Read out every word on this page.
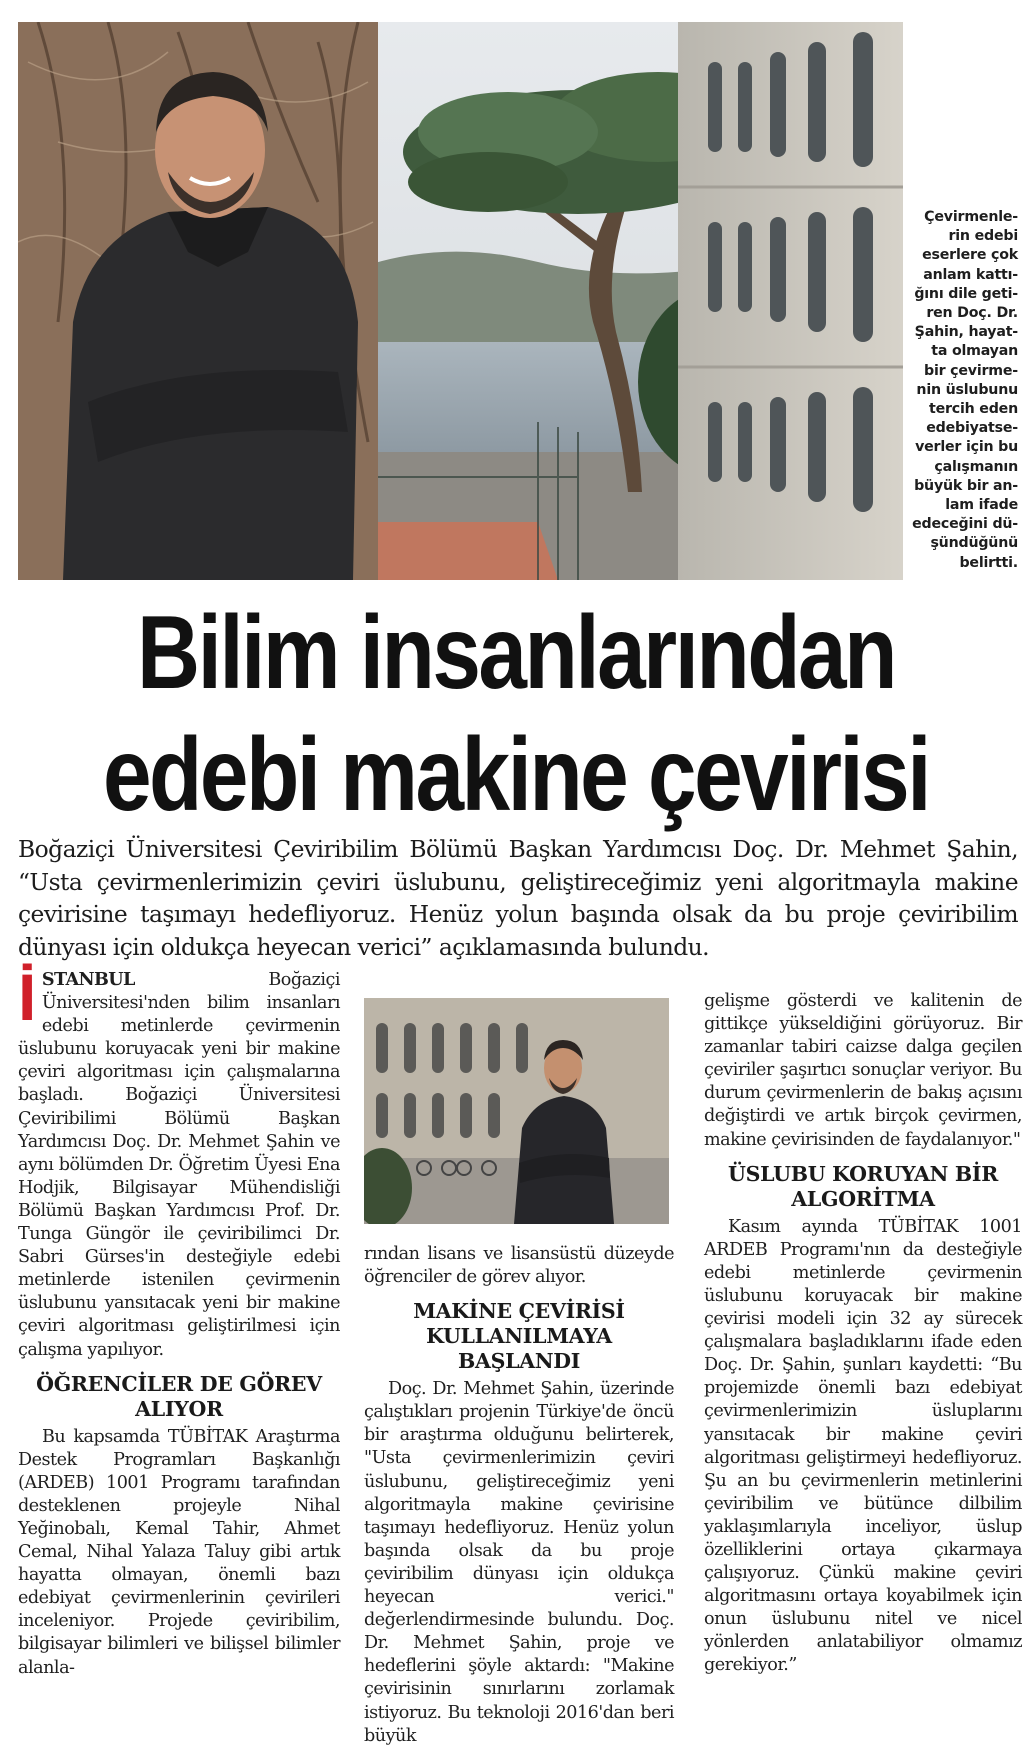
Çevirmenle-
rin edebi
eserlere çok
anlam kattı-
ğını dile geti-
ren Doç. Dr.
Şahin, hayat-
ta olmayan
bir çevirme-
nin üslubunu
tercih eden
edebiyatse-
verler için bu
çalışmanın
büyük bir an-
lam ifade
edeceğini dü-
şündüğünü
belirtti.
Bilim insanlarından
edebi makine çevirisi

Boğaziçi Üniversitesi Çeviribilim Bölümü Başkan Yardımcısı Doç. Dr. Mehmet Şahin, “Usta çevirmenlerimizin çeviri üslubunu, geliştireceğimiz yeni algoritmayla makine çevirisine taşımayı hedefliyoruz. Henüz yolun başında olsak da bu proje çeviribilim dünyası için oldukça heyecan verici” açıklamasında bulundu.

İSTANBUL Boğaziçi Üniversitesi'nden bilim insanları edebi metinlerde çevirmenin üslubunu koruyacak yeni bir makine çeviri algoritması için çalışmalarına başladı. Boğaziçi Üniversitesi Çeviribilimi Bölümü Başkan Yardımcısı Doç. Dr. Mehmet Şahin ve aynı bölümden Dr. Öğretim Üyesi Ena Hodjik, Bilgisayar Mühendisliği Bölümü Başkan Yardımcısı Prof. Dr. Tunga Güngör ile çeviribilimci Dr. Sabri Gürses'in desteğiyle edebi metinlerde istenilen çevirmenin üslubunu yansıtacak yeni bir makine çeviri algoritması geliştirilmesi için çalışma yapılıyor.

ÖĞRENCİLER DE GÖREV ALIYOR

Bu kapsamda TÜBİTAK Araştırma Destek Programları Başkanlığı (ARDEB) 1001 Programı tarafından desteklenen projeyle Nihal Yeğinobalı, Kemal Tahir, Ahmet Cemal, Nihal Yalaza Taluy gibi artık hayatta olmayan, önemli bazı edebiyat çevirmenlerinin çevirileri inceleniyor. Projede çeviribilim, bilgisayar bilimleri ve bilişsel bilimler alanla-

rından lisans ve lisansüstü düzeyde öğrenciler de görev alıyor.

MAKİNE ÇEVİRİSİ KULLANILMAYA BAŞLANDI

Doç. Dr. Mehmet Şahin, üzerinde çalıştıkları projenin Türkiye'de öncü bir araştırma olduğunu belirterek, "Usta çevirmenlerimizin çeviri üslubunu, geliştireceğimiz yeni algoritmayla makine çevirisine taşımayı hedefliyoruz. Henüz yolun başında olsak da bu proje çeviribilim dünyası için oldukça heyecan verici." değerlendirmesinde bulundu. Doç. Dr. Mehmet Şahin, proje ve hedeflerini şöyle aktardı: "Makine çevirisinin sınırlarını zorlamak istiyoruz. Bu teknoloji 2016'dan beri büyük

gelişme gösterdi ve kalitenin de gittikçe yükseldiğini görüyoruz. Bir zamanlar tabiri caizse dalga geçilen çeviriler şaşırtıcı sonuçlar veriyor. Bu durum çevirmenlerin de bakış açısını değiştirdi ve artık birçok çevirmen, makine çevirisinden de faydalanıyor."

ÜSLUBU KORUYAN BİR ALGORİTMA

Kasım ayında TÜBİTAK 1001 ARDEB Programı'nın da desteğiyle edebi metinlerde çevirmenin üslubunu koruyacak bir makine çevirisi modeli için 32 ay sürecek çalışmalara başladıklarını ifade eden Doç. Dr. Şahin, şunları kaydetti: “Bu projemizde önemli bazı edebiyat çevirmenlerimizin üsluplarını yansıtacak bir makine çeviri algoritması geliştirmeyi hedefliyoruz. Şu an bu çevirmenlerin metinlerini çeviribilim ve bütünce dilbilim yaklaşımlarıyla inceliyor, üslup özelliklerini ortaya çıkarmaya çalışıyoruz. Çünkü makine çeviri algoritmasını ortaya koyabilmek için onun üslubunu nitel ve nicel yönlerden anlatabiliyor olmamız gerekiyor.”
